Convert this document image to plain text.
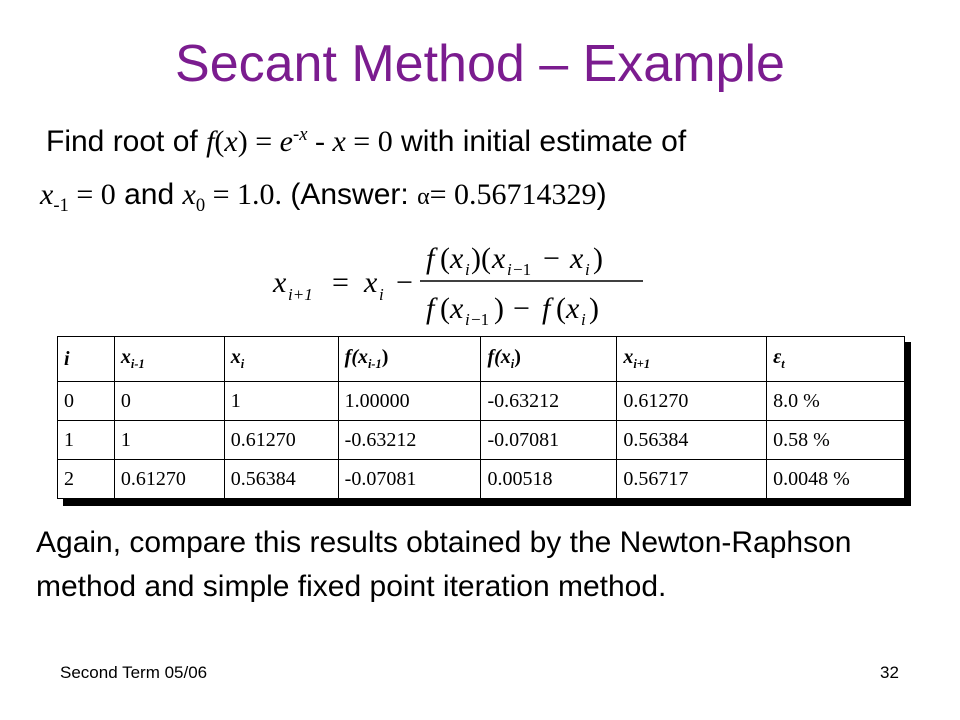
Secant Method – Example
Find root of $f(x) = e^{-x} - x = 0$ with initial estimate of
$x_{-1} = 0$ and $x_0 = 1.0$. (Answer: α= 0.56714329)
x i+1 = x i −
f ( x i )( x i −1 − x i )
f ( x i −1 ) − f ( x i )
i	$x_{i-1}$	$x_i$	$f(x_{i-1})$	$f(x_i)$	$x_{i+1}$	$\varepsilon_t$
0	0	1	1.00000	-0.63212	0.61270	8.0 %
1	1	0.61270	-0.63212	-0.07081	0.56384	0.58 %
2	0.61270	0.56384	-0.07081	0.00518	0.56717	0.0048 %
Again, compare this results obtained by the Newton-Raphson method and simple fixed point iteration method.
Second Term 05/06	32
